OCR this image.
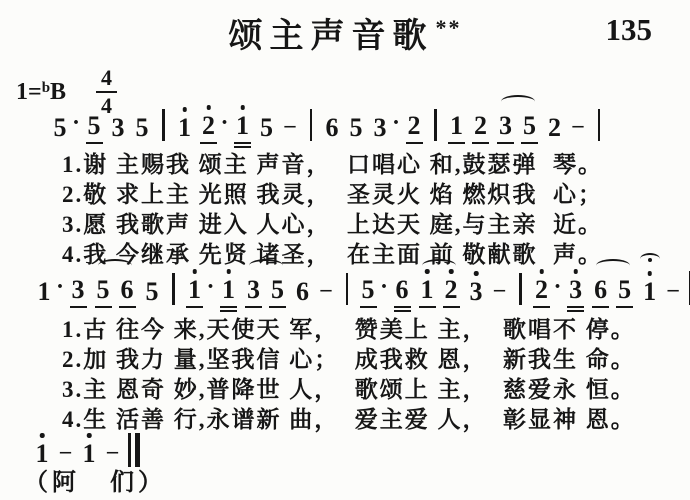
颂主声音歌**	135
$1=^bB \frac{4}{4}$
5 · 5 3 5 1 2 · 1 5 – 6 5 3 · 2 1 2 3 5 2 –
1.谢 主赐我 颂主 声音，  口唱心 和,鼓瑟弹  琴。
2.敬 求上主 光照 我灵，  圣灵火 焰 燃炽我  心；
3.愿 我歌声 进入 人心，  上达天 庭,与主亲  近。
4.我 今继承 先贤 诸圣，  在主面 前 敬献歌  声。
1 · 3 5 6 5 1 · 1 3 5 6 – 5 · 6 1 2 3 – 2 · 3 6 5 1 –
1.古 往今 来,天使天 军，  赞美上 主，  歌唱不 停。
2.加 我力 量,坚我信 心；  成我救 恩，  新我生 命。
3.主 恩奇 妙,普降世 人，  歌颂上 主，  慈爱永 恒。
4.生 活善 行,永谱新 曲，  爱主爱 人，  彰显神 恩。
1 – 1 –
（阿   们）
